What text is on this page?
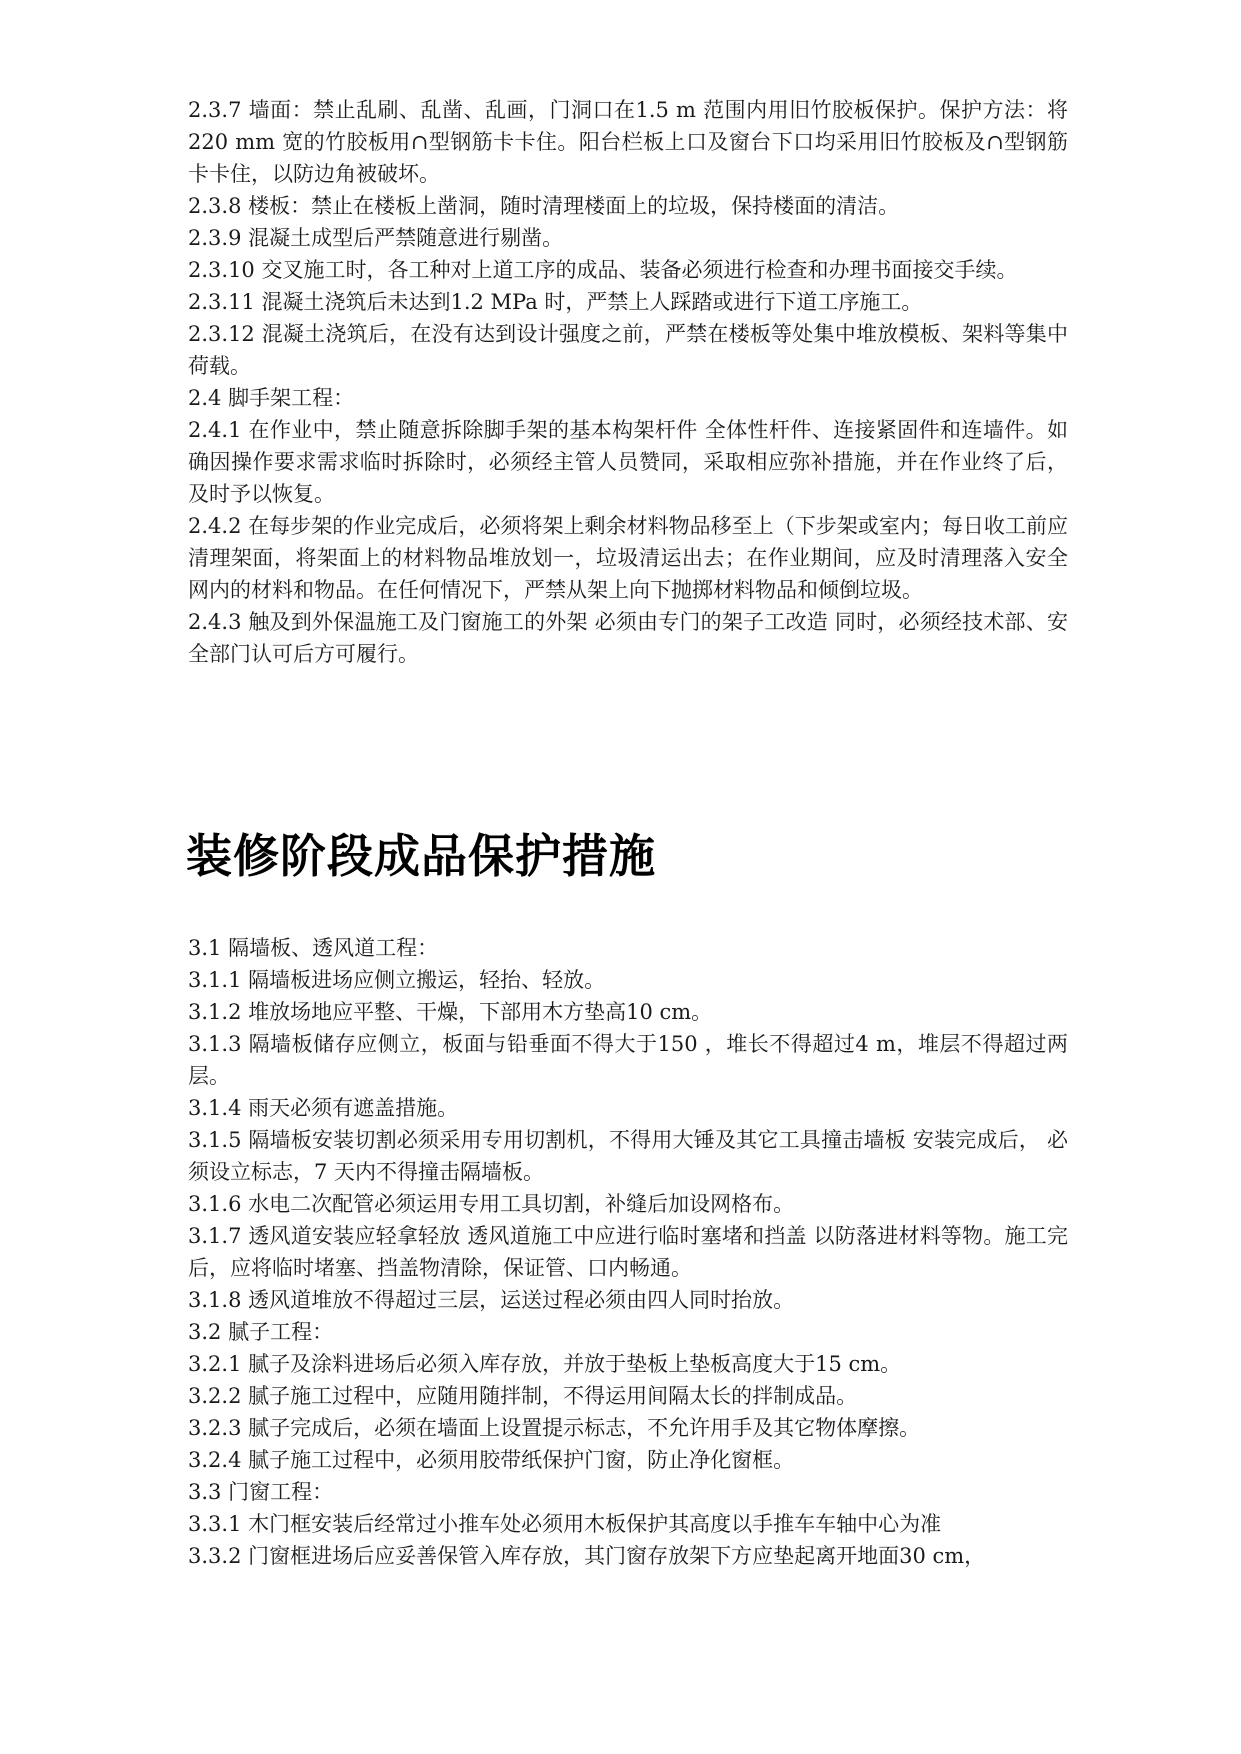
2.3.7 墙面：禁止乱刷、乱凿、乱画，门洞口在1.5 m 范围内用旧竹胶板保护。保护方法：将220 mm 宽的竹胶板用∩型钢筋卡卡住。阳台栏板上口及窗台下口均采用旧竹胶板及∩型钢筋卡卡住，以防边角被破坏。

2.3.8 楼板：禁止在楼板上凿洞，随时清理楼面上的垃圾，保持楼面的清洁。

2.3.9 混凝土成型后严禁随意进行剔凿。

2.3.10 交叉施工时，各工种对上道工序的成品、装备必须进行检查和办理书面接交手续。

2.3.11 混凝土浇筑后未达到1.2 MPa 时，严禁上人踩踏或进行下道工序施工。

2.3.12 混凝土浇筑后，在没有达到设计强度之前，严禁在楼板等处集中堆放模板、架料等集中荷载。

2.4 脚手架工程：

2.4.1 在作业中，禁止随意拆除脚手架的基本构架杆件 全体性杆件、连接紧固件和连墙件。如确因操作要求需求临时拆除时，必须经主管人员赞同，采取相应弥补措施，并在作业终了后，及时予以恢复。

2.4.2 在每步架的作业完成后，必须将架上剩余材料物品移至上（下步架或室内；每日收工前应清理架面，将架面上的材料物品堆放划一，垃圾清运出去；在作业期间，应及时清理落入安全网内的材料和物品。在任何情况下，严禁从架上向下抛掷材料物品和倾倒垃圾。

2.4.3 触及到外保温施工及门窗施工的外架 必须由专门的架子工改造 同时，必须经技术部、安全部门认可后方可履行。

装修阶段成品保护措施

3.1 隔墙板、透风道工程：

3.1.1 隔墙板进场应侧立搬运，轻抬、轻放。

3.1.2 堆放场地应平整、干燥，下部用木方垫高10 cm。

3.1.3 隔墙板储存应侧立，板面与铅垂面不得大于150 ，堆长不得超过4 m，堆层不得超过两层。

3.1.4 雨天必须有遮盖措施。

3.1.5 隔墙板安装切割必须采用专用切割机，不得用大锤及其它工具撞击墙板 安装完成后， 必须设立标志，7 天内不得撞击隔墙板。

3.1.6 水电二次配管必须运用专用工具切割，补缝后加设网格布。

3.1.7 透风道安装应轻拿轻放 透风道施工中应进行临时塞堵和挡盖 以防落进材料等物。施工完后，应将临时堵塞、挡盖物清除，保证管、口内畅通。

3.1.8 透风道堆放不得超过三层，运送过程必须由四人同时抬放。

3.2 腻子工程：

3.2.1 腻子及涂料进场后必须入库存放，并放于垫板上垫板高度大于15 cm。

3.2.2 腻子施工过程中，应随用随拌制，不得运用间隔太长的拌制成品。

3.2.3 腻子完成后，必须在墙面上设置提示标志，不允许用手及其它物体摩擦。

3.2.4 腻子施工过程中，必须用胶带纸保护门窗，防止净化窗框。

3.3 门窗工程：

3.3.1 木门框安装后经常过小推车处必须用木板保护其高度以手推车车轴中心为准

3.3.2 门窗框进场后应妥善保管入库存放，其门窗存放架下方应垫起离开地面30 cm，
